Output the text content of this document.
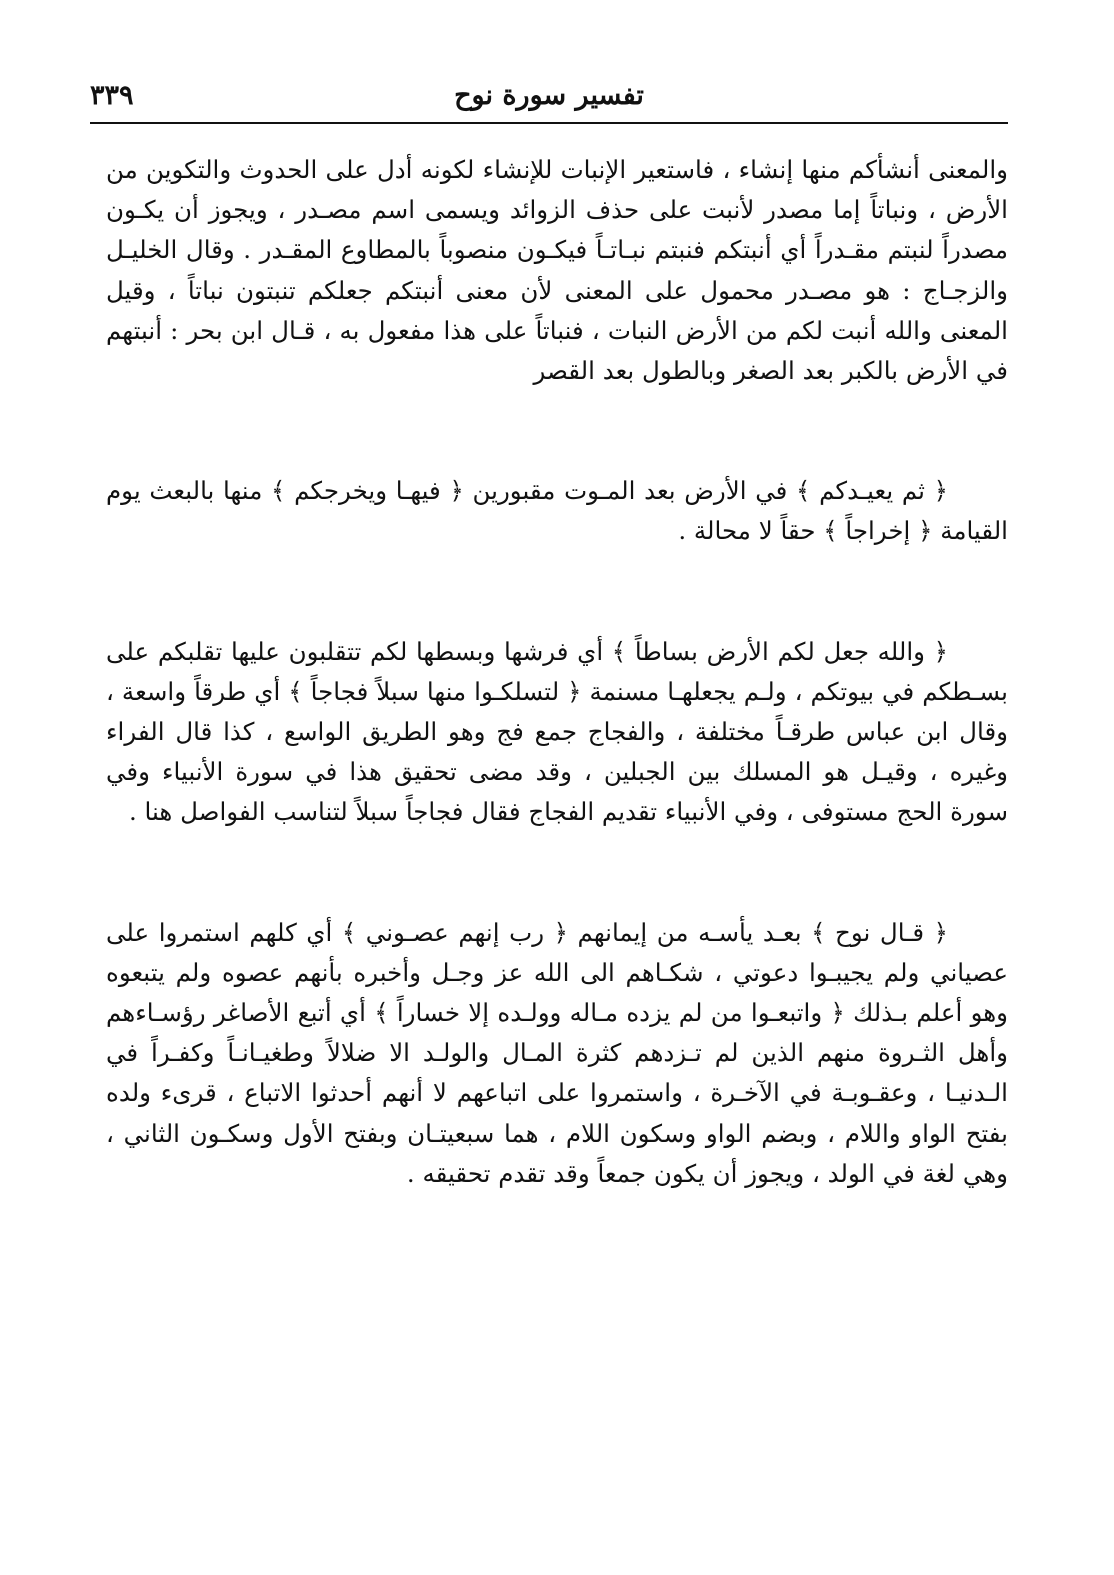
تفسير سورة نوح
٣٣٩

والمعنى أنشأكم منها إنشاء ، فاستعير الإنبات للإنشاء لكونه أدل على الحدوث والتكوين من الأرض ، ونباتاً إما مصدر لأنبت على حذف الزوائد ويسمى اسم مصـدر ، ويجوز أن يكـون مصدراً لنبتم مقـدراً أي أنبتكم فنبتم نبـاتـاً فيكـون منصوباً بالمطاوع المقـدر . وقال الخليـل والزجـاج : هو مصـدر محمول على المعنى لأن معنى أنبتكم جعلكم تنبتون نباتاً ، وقيل المعنى والله أنبت لكم من الأرض النبات ، فنباتاً على هذا مفعول به ، قـال ابن بحر : أنبتهم في الأرض بالكبر بعد الصغر وبالطول بعد القصر

﴿ ثم يعيـدكم ﴾ في الأرض بعد المـوت مقبورين ﴿ فيهـا ويخرجكم ﴾ منها بالبعث يوم القيامة ﴿ إخراجاً ﴾ حقاً لا محالة .

﴿ والله جعل لكم الأرض بساطاً ﴾ أي فرشها وبسطها لكم تتقلبون عليها تقلبكم على بسـطكم في بيوتكم ، ولـم يجعلهـا مسنمة ﴿ لتسلكـوا منها سبلاً فجاجاً ﴾ أي طرقاً واسعة ، وقال ابن عباس طرقـاً مختلفة ، والفجاج جمع فج وهو الطريق الواسع ، كذا قال الفراء وغيره ، وقيـل هو المسلك بين الجبلين ، وقد مضى تحقيق هذا في سورة الأنبياء وفي سورة الحج مستوفى ، وفي الأنبياء تقديم الفجاج فقال فجاجاً سبلاً لتناسب الفواصل هنا .

﴿ قـال نوح ﴾ بعـد يأسـه من إيمانهم ﴿ رب إنهم عصـوني ﴾ أي كلهم استمروا على عصياني ولم يجيبـوا دعوتي ، شكـاهم الى الله عز وجـل وأخبره بأنهم عصوه ولم يتبعوه وهو أعلم بـذلك ﴿ واتبعـوا من لم يزده مـاله وولـده إلا خساراً ﴾ أي أتبع الأصاغر رؤسـاءهم وأهل الثـروة منهم الذين لم تـزدهم كثرة المـال والولـد الا ضلالاً وطغيـانـاً وكفـراً في الـدنيـا ، وعقـوبـة في الآخـرة ، واستمروا على اتباعهم لا أنهم أحدثوا الاتباع ، قرىء ولده بفتح الواو واللام ، وبضم الواو وسكون اللام ، هما سبعيتـان وبفتح الأول وسكـون الثاني ، وهي لغة في الولد ، ويجوز أن يكون جمعاً وقد تقدم تحقيقه .
